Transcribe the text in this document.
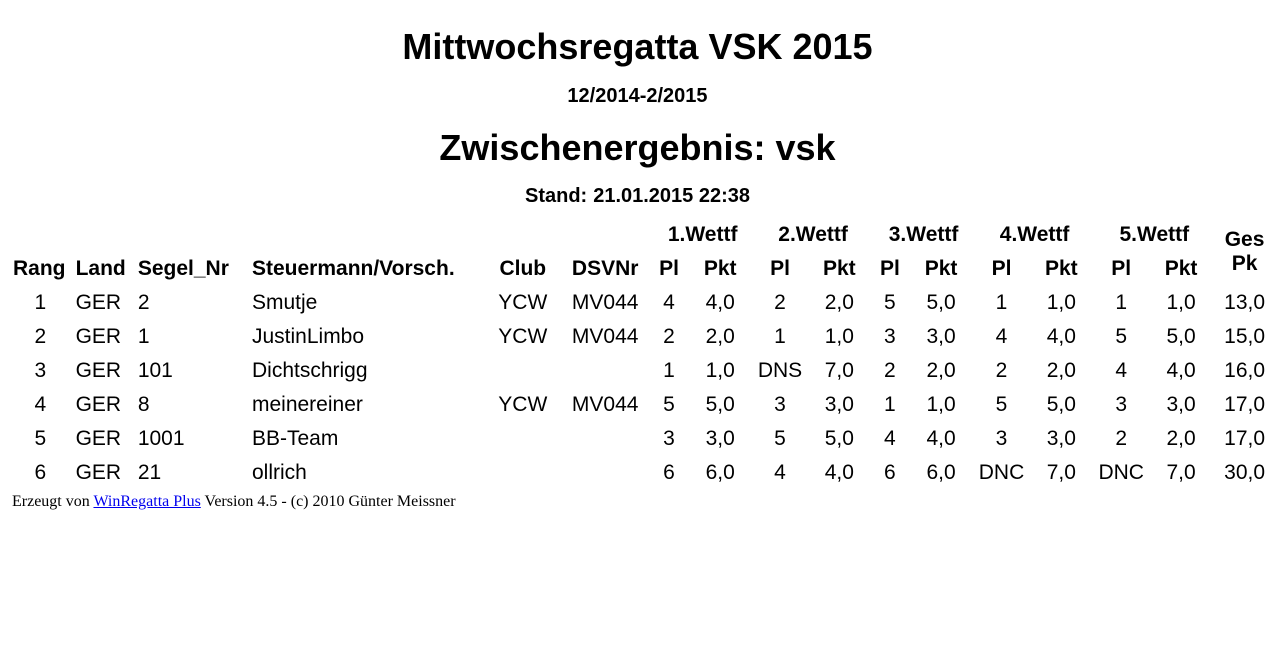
Mittwochsregatta VSK 2015
12/2014-2/2015
Zwischenergebnis: vsk
Stand: 21.01.2015 22:38
						1.Wettf		2.Wettf		3.Wettf		4.Wettf		5.Wettf		Ges
Rang	Land	Segel_Nr	Steuermann/Vorsch.	Club	DSVNr	Pl	Pkt	Pl	Pkt	Pl	Pkt	Pl	Pkt	Pl	Pkt	Pk
1	GER	2	Smutje	YCW	MV044	4	4,0	2	2,0	5	5,0	1	1,0	1	1,0	13,0
2	GER	1	JustinLimbo	YCW	MV044	2	2,0	1	1,0	3	3,0	4	4,0	5	5,0	15,0
3	GER	101	Dichtschrigg			1	1,0	DNS	7,0	2	2,0	2	2,0	4	4,0	16,0
4	GER	8	meinereiner	YCW	MV044	5	5,0	3	3,0	1	1,0	5	5,0	3	3,0	17,0
5	GER	1001	BB-Team			3	3,0	5	5,0	4	4,0	3	3,0	2	2,0	17,0
6	GER	21	ollrich			6	6,0	4	4,0	6	6,0	DNC	7,0	DNC	7,0	30,0
Erzeugt von WinRegatta Plus Version 4.5 - (c) 2010 Günter Meissner
